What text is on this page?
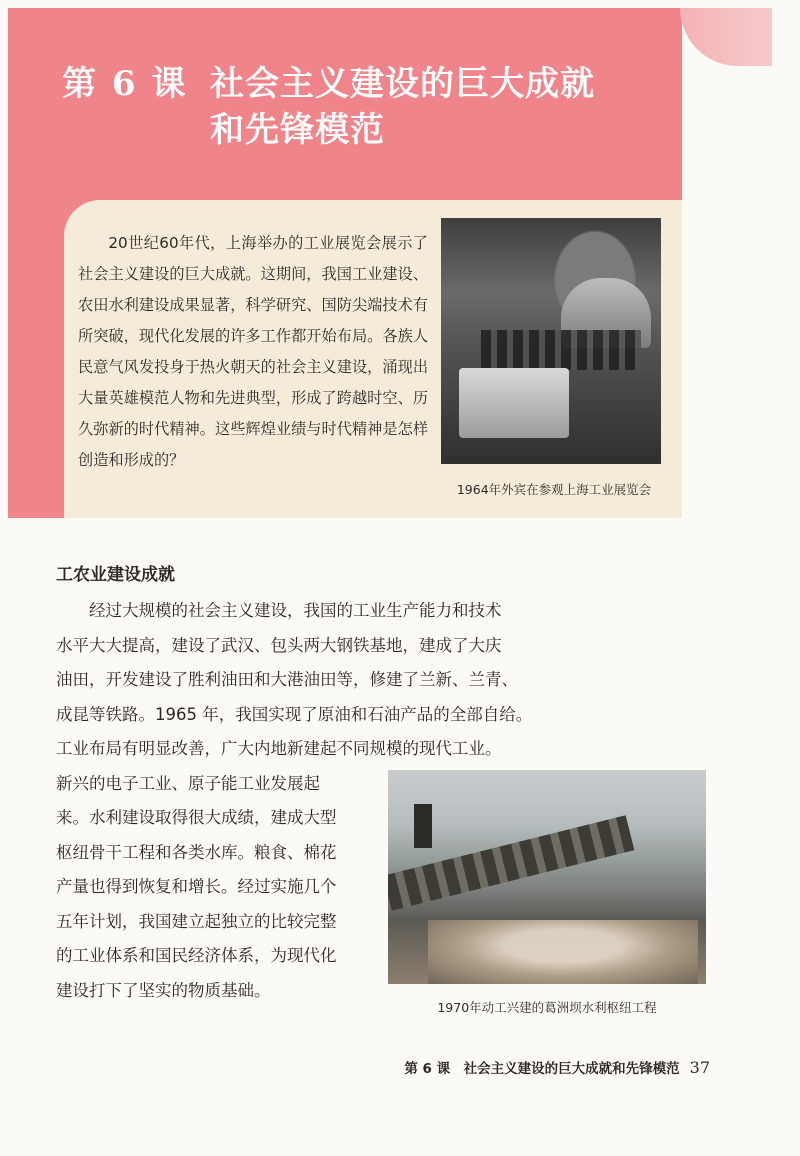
第 6 课 社会主义建设的巨大成就
和先锋模范
20世纪60年代，上海举办的工业展览会展示了社会主义建设的巨大成就。这期间，我国工业建设、农田水利建设成果显著，科学研究、国防尖端技术有所突破，现代化发展的许多工作都开始布局。各族人民意气风发投身于热火朝天的社会主义建设，涌现出大量英雄模范人物和先进典型，形成了跨越时空、历久弥新的时代精神。这些辉煌业绩与时代精神是怎样创造和形成的？
1964年外宾在参观上海工业展览会
工农业建设成就
经过大规模的社会主义建设，我国的工业生产能力和技术
水平大大提高，建设了武汉、包头两大钢铁基地，建成了大庆
油田，开发建设了胜利油田和大港油田等，修建了兰新、兰青、
成昆等铁路。1965 年，我国实现了原油和石油产品的全部自给。
工业布局有明显改善，广大内地新建起不同规模的现代工业。
新兴的电子工业、原子能工业发展起
来。水利建设取得很大成绩，建成大型
枢纽骨干工程和各类水库。粮食、棉花
产量也得到恢复和增长。经过实施几个
五年计划，我国建立起独立的比较完整
的工业体系和国民经济体系，为现代化
建设打下了坚实的物质基础。
1970年动工兴建的葛洲坝水利枢纽工程
第 6 课　社会主义建设的巨大成就和先锋模范 37
